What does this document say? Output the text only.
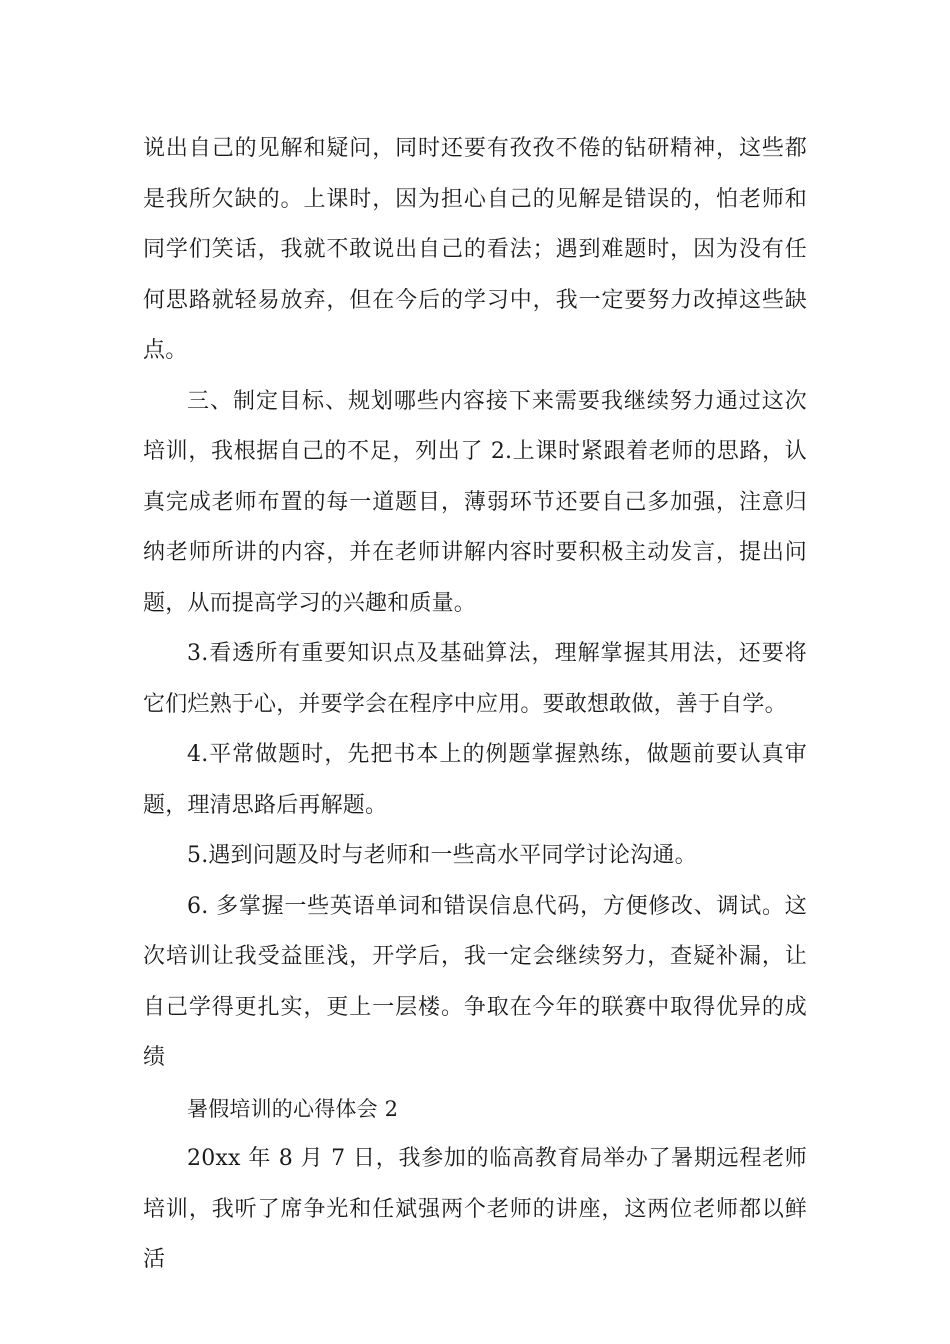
说出自己的见解和疑问，同时还要有孜孜不倦的钻研精神，这些都是我所欠缺的。上课时，因为担心自己的见解是错误的，怕老师和同学们笑话，我就不敢说出自己的看法；遇到难题时，因为没有任何思路就轻易放弃，但在今后的学习中，我一定要努力改掉这些缺点。

三、制定目标、规划哪些内容接下来需要我继续努力通过这次培训，我根据自己的不足，列出了 2.上课时紧跟着老师的思路，认真完成老师布置的每一道题目，薄弱环节还要自己多加强，注意归纳老师所讲的内容，并在老师讲解内容时要积极主动发言，提出问题，从而提高学习的兴趣和质量。

3.看透所有重要知识点及基础算法，理解掌握其用法，还要将它们烂熟于心，并要学会在程序中应用。要敢想敢做，善于自学。

4.平常做题时，先把书本上的例题掌握熟练，做题前要认真审题，理清思路后再解题。

5.遇到问题及时与老师和一些高水平同学讨论沟通。

6. 多掌握一些英语单词和错误信息代码，方便修改、调试。这次培训让我受益匪浅，开学后，我一定会继续努力，查疑补漏，让自己学得更扎实，更上一层楼。争取在今年的联赛中取得优异的成绩

暑假培训的心得体会 2

20xx 年 8 月 7 日，我参加的临高教育局举办了暑期远程老师培训，我听了席争光和任斌强两个老师的讲座，这两位老师都以鲜活
